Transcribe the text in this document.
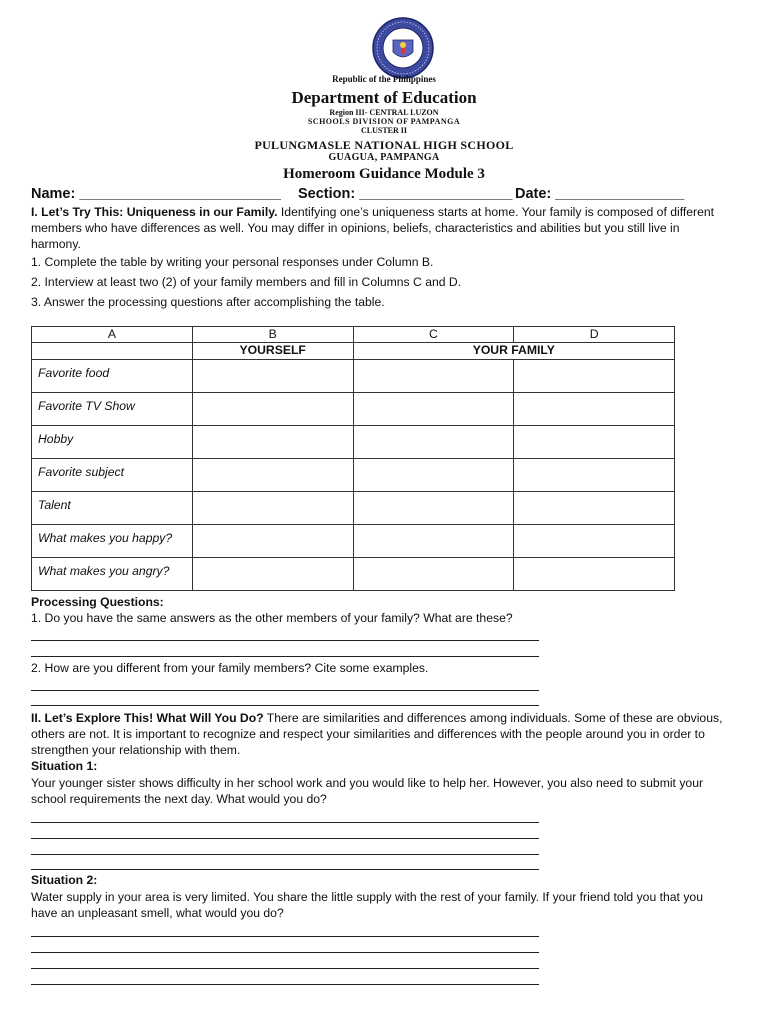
Republic of the Philippines
Department of Education
Region III- CENTRAL LUZON
SCHOOLS DIVISION OF PAMPANGA
CLUSTER II
PULUNGMASLE NATIONAL HIGH SCHOOL
GUAGUA, PAMPANGA
Homeroom Guidance Module 3
Name: _________________________ Section: ___________________ Date: ________________
I. Let’s Try This: Uniqueness in our Family. Identifying one’s uniqueness starts at home. Your family is composed of different members who have differences as well. You may differ in opinions, beliefs, characteristics and abilities but you still live in harmony.
1. Complete the table by writing your personal responses under Column B.
2. Interview at least two (2) of your family members and fill in Columns C and D.
3. Answer the processing questions after accomplishing the table.
A	B	C	D
	YOURSELF	YOUR FAMILY	
Favorite food			
Favorite TV Show			
Hobby			
Favorite subject			
Talent			
What makes you happy?			
What makes you angry?			
Processing Questions:
1. Do you have the same answers as the other members of your family? What are these?
2. How are you different from your family members? Cite some examples.
II. Let’s Explore This! What Will You Do? There are similarities and differences among individuals. Some of these are obvious, others are not. It is important to recognize and respect your similarities and differences with the people around you in order to strengthen your relationship with them.
Situation 1:
Your younger sister shows difficulty in her school work and you would like to help her. However, you also need to submit your school requirements the next day. What would you do?
Situation 2:
Water supply in your area is very limited. You share the little supply with the rest of your family. If your friend told you that you have an unpleasant smell, what would you do?
